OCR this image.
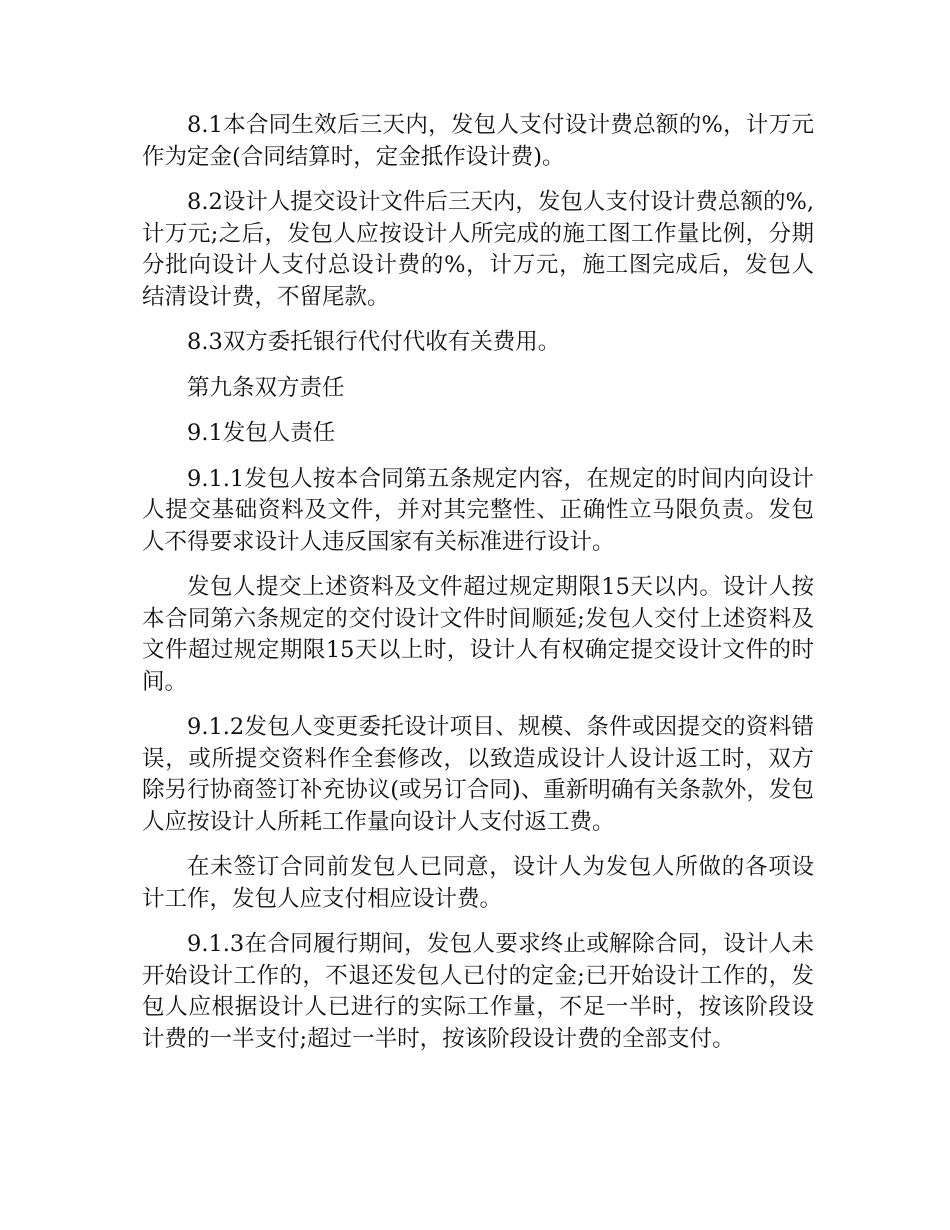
8.1本合同生效后三天内，发包人支付设计费总额的%，计万元作为定金(合同结算时，定金抵作设计费)。

8.2设计人提交设计文件后三天内，发包人支付设计费总额的%,计万元;之后，发包人应按设计人所完成的施工图工作量比例，分期分批向设计人支付总设计费的%，计万元，施工图完成后，发包人结清设计费，不留尾款。

8.3双方委托银行代付代收有关费用。

第九条双方责任

9.1发包人责任

9.1.1发包人按本合同第五条规定内容，在规定的时间内向设计人提交基础资料及文件，并对其完整性、正确性立马限负责。发包人不得要求设计人违反国家有关标准进行设计。

发包人提交上述资料及文件超过规定期限15天以内。设计人按本合同第六条规定的交付设计文件时间顺延;发包人交付上述资料及文件超过规定期限15天以上时，设计人有权确定提交设计文件的时间。

9.1.2发包人变更委托设计项目、规模、条件或因提交的资料错误，或所提交资料作全套修改，以致造成设计人设计返工时，双方除另行协商签订补充协议(或另订合同)、重新明确有关条款外，发包人应按设计人所耗工作量向设计人支付返工费。

在未签订合同前发包人已同意，设计人为发包人所做的各项设计工作，发包人应支付相应设计费。

9.1.3在合同履行期间，发包人要求终止或解除合同，设计人未开始设计工作的，不退还发包人已付的定金;已开始设计工作的，发包人应根据设计人已进行的实际工作量，不足一半时，按该阶段设计费的一半支付;超过一半时，按该阶段设计费的全部支付。
